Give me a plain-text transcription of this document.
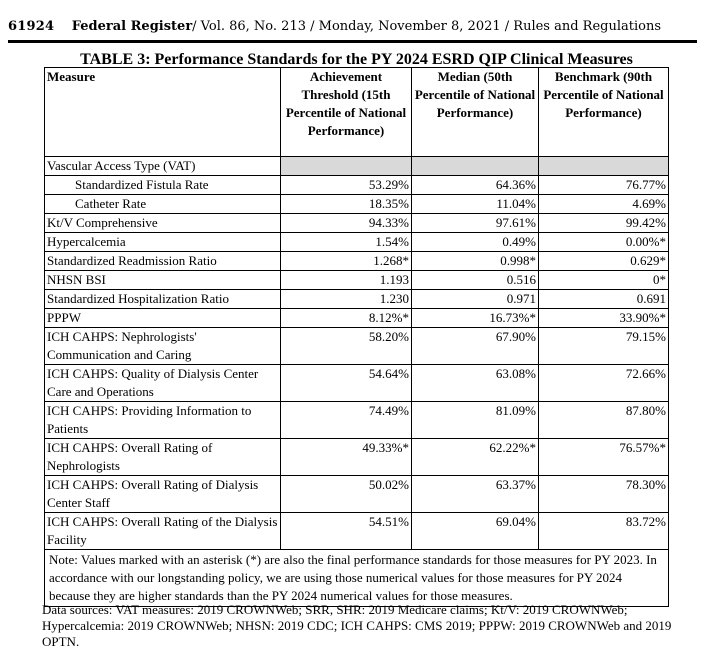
61924 Federal Register/ Vol. 86, No. 213 / Monday, November 8, 2021 / Rules and Regulations
TABLE 3: Performance Standards for the PY 2024 ESRD QIP Clinical Measures
Measure	Achievement Threshold (15th Percentile of National Performance)	Median (50th Percentile of National Performance)	Benchmark (90th Percentile of National Performance)
Vascular Access Type (VAT)			
Standardized Fistula Rate	53.29%	64.36%	76.77%
Catheter Rate	18.35%	11.04%	4.69%
Kt/V Comprehensive	94.33%	97.61%	99.42%
Hypercalcemia	1.54%	0.49%	0.00%*
Standardized Readmission Ratio	1.268*	0.998*	0.629*
NHSN BSI	1.193	0.516	0*
Standardized Hospitalization Ratio	1.230	0.971	0.691
PPPW	8.12%*	16.73%*	33.90%*
ICH CAHPS: Nephrologists' Communication and Caring	58.20%	67.90%	79.15%
ICH CAHPS: Quality of Dialysis Center Care and Operations	54.64%	63.08%	72.66%
ICH CAHPS: Providing Information to Patients	74.49%	81.09%	87.80%
ICH CAHPS: Overall Rating of Nephrologists	49.33%*	62.22%*	76.57%*
ICH CAHPS: Overall Rating of Dialysis Center Staff	50.02%	63.37%	78.30%
ICH CAHPS: Overall Rating of the Dialysis Facility	54.51%	69.04%	83.72%
Note: Values marked with an asterisk (*) are also the final performance standards for those measures for PY 2023. In accordance with our longstanding policy, we are using those numerical values for those measures for PY 2024 because they are higher standards than the PY 2024 numerical values for those measures.			
Data sources: VAT measures: 2019 CROWNWeb; SRR, SHR: 2019 Medicare claims; Kt/V: 2019 CROWNWeb; Hypercalcemia: 2019 CROWNWeb; NHSN: 2019 CDC; ICH CAHPS: CMS 2019; PPPW: 2019 CROWNWeb and 2019 OPTN.
